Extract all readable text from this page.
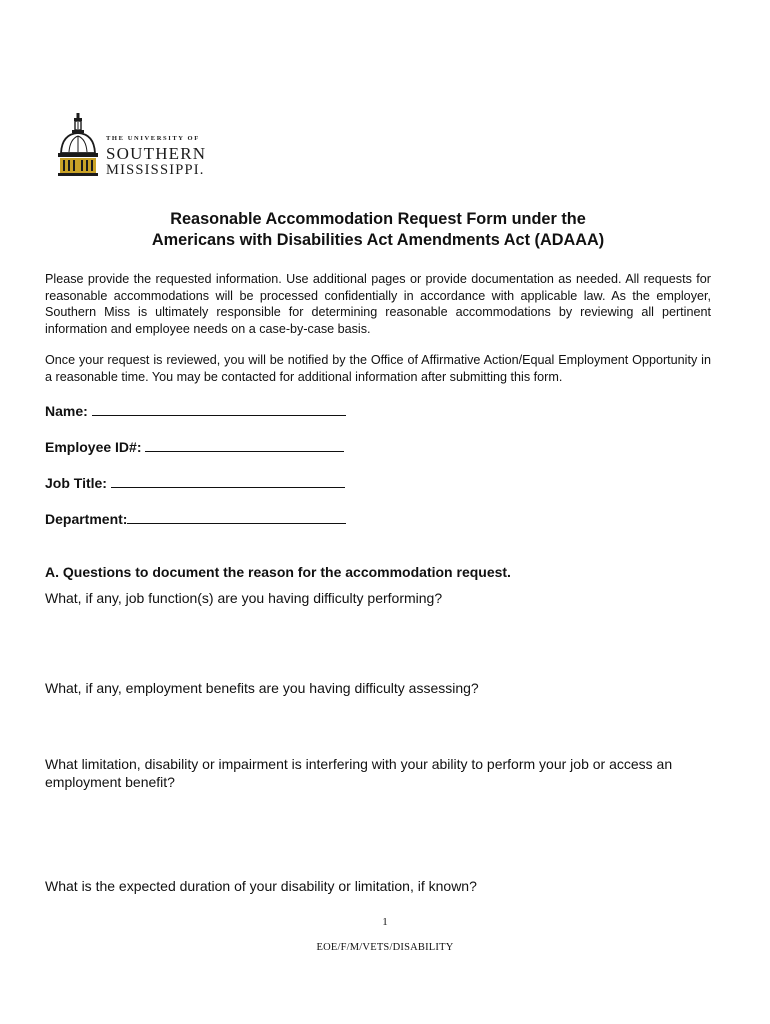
THE UNIVERSITY OF
SOUTHERN
MISSISSIPPI.
Reasonable Accommodation Request Form under the
Americans with Disabilities Act Amendments Act (ADAAA)
Please provide the requested information. Use additional pages or provide documentation as needed. All requests for reasonable accommodations will be processed confidentially in accordance with applicable law. As the employer, Southern Miss is ultimately responsible for determining reasonable accommodations by reviewing all pertinent information and employee needs on a case-by-case basis.
Once your request is reviewed, you will be notified by the Office of Affirmative Action/Equal Employment Opportunity in a reasonable time. You may be contacted for additional information after submitting this form.
Name:
Employee ID#:
Job Title:
Department:
A. Questions to document the reason for the accommodation request.
What, if any, job function(s) are you having difficulty performing?
What, if any, employment benefits are you having difficulty assessing?
What limitation, disability or impairment is interfering with your ability to perform your job or access an employment benefit?
What is the expected duration of your disability or limitation, if known?
1
EOE/F/M/VETS/DISABILITY
